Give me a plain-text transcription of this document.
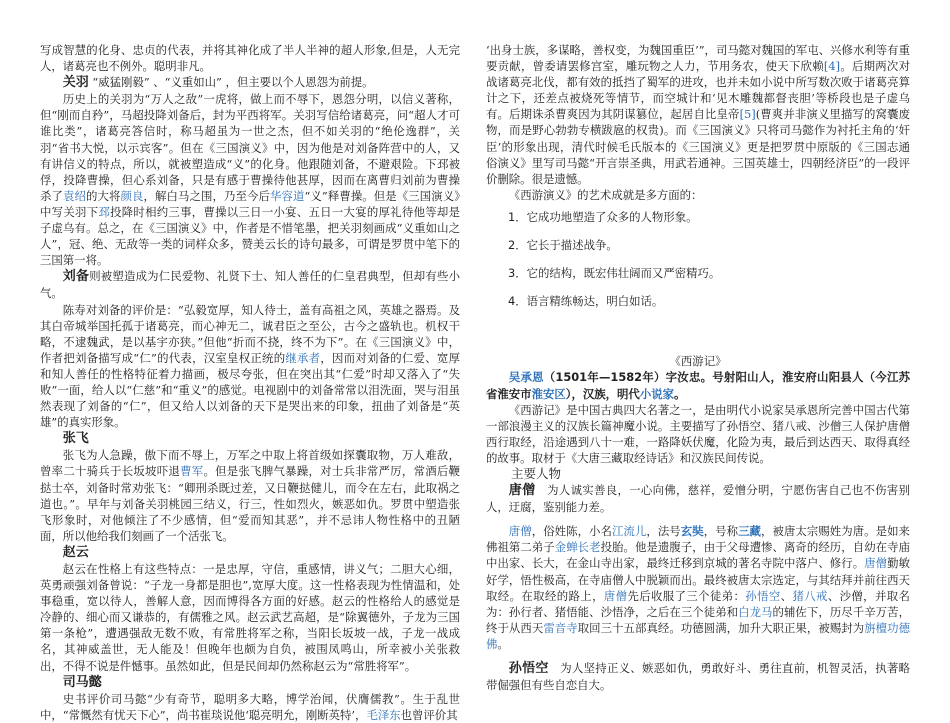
写成智慧的化身、忠贞的代表，并将其神化成了半人半神的超人形象,但是，人无完人，诸葛亮也不例外。聪明非凡。

关羽 “威猛刚毅” 、“义重如山” ，但主要以个人恩怨为前提。

历史上的关羽为“万人之敌”一虎将，做上而不辱下，恩怨分明，以信义著称，但“刚而自矜”，马超投降刘备后，封为平西将军。关羽写信给诸葛亮，问“超人才可谁比类”，诸葛亮答信时，称马超虽为一世之杰，但不如关羽的“绝伦逸群”，关羽“省书大悦，以示宾客”。但在《三国演义》中，因为他是对刘备阵营中的人，又有讲信义的特点，所以，就被塑造成“义”的化身。他跟随刘备，不避艰险。下邳被俘，投降曹操，但心系刘备，只是有感于曹操待他甚厚，因而在离曹归刘前为曹操杀了袁绍的大将颜良，解白马之围，乃至今后华容道“义”释曹操。但是《三国演义》中写关羽下邳投降时相约三事，曹操以三日一小宴、五日一大宴的厚礼待他等却是子虚乌有。总之，在《三国演义》中，作者是不惜笔墨，把关羽刻画成“义重如山之人”，冠、绝、无敌等一类的词样众多，赞美云长的诗句最多，可谓是罗贯中笔下的三国第一将。

刘备则被塑造成为仁民爱物、礼贤下士、知人善任的仁皇君典型，但却有些小气。

陈寿对刘备的评价是：“弘毅宽厚，知人待士，盖有高祖之风，英雄之器焉。及其白帝城举国托孤于诸葛亮，而心神无二，诚君臣之至公，古今之盛轨也。机权干略，不逮魏武，是以基宇亦狭。”但他“折而不挠，终不为下”。在《三国演义》中，作者把刘备描写成“仁”的代表，汉室皇权正统的继承者，因而对刘备的仁爱、宽厚和知人善任的性格特征着力描画，极尽夸张，但在突出其“仁爱”时却又落入了“失败”一面，给人以“仁慈”和“重义”的感觉。电视剧中的刘备常常以泪洗面，哭与泪虽然表现了刘备的“仁”，但又给人以刘备的天下是哭出来的印象，扭曲了刘备是“英雄”的真实形象。

张飞

张飞为人急躁，傲下而不辱上，万军之中取上将首级如探囊取物，万人难敌，曾率二十骑兵于长坂坡吓退曹军。但是张飞脾气暴躁，对士兵非常严厉，常酒后鞭挞士卒，刘备时常劝张飞：“卿刑杀既过差，又日鞭挞健儿，而令在左右，此取祸之道也。”。早年与刘备关羽桃园三结义，行三，性如烈火，嫉恶如仇。罗贯中塑造张飞形象时，对他倾注了不少感情，但“爱而知其恶”，并不忌讳人物性格中的丑陋面，所以他给我们刻画了一个活张飞。

赵云

赵云在性格上有这些特点：一是忠厚，守信，重感情，讲义气；二胆大心细，英勇顽强刘备曾说：“子龙一身都是胆也”,宽厚大度。这一性格表现为性情温和，处事稳重，宽以待人，善解人意，因而博得各方面的好感。赵云的性格给人的感觉是冷静的、细心而又谦恭的，有儒雅之风。赵云武艺高超，是“除翼德外，子龙为三国第一条枪”，遭遇强敌无数不败，有常胜将军之称，当阳长坂坡一战，子龙一战成名，其神威盖世，无人能及！但晚年也颇为自负，被围凤鸣山，所幸被小关张救出，不得不说是件憾事。虽然如此，但是民间却仍然称赵云为“常胜将军”。

司马懿

史书评价司马懿“少有奇节，聪明多大略，博学治闻，伏膺儒教”。生于乱世中，“常慨然有忧天下心”，尚书崔琰说他‘聪亮明允，刚断英特’，毛泽东也曾评价其

‘出身士族，多谋略，善权变，为魏国重臣’”，司马懿对魏国的军屯、兴修水利等有重要贡献，曾委请罢修宫室，雕玩物之人力，节用务农，使天下欣赖[4]。后期两次对战诸葛亮北伐，都有效的抵挡了蜀军的进攻，也并未如小说中所写数次败于诸葛亮算计之下，还差点被烧死等情节，而空城计和‘见木雕魏都督丧胆’等桥段也是子虚乌有。后期诛杀曹爽因为其阴谋篡位，起居自比皇帝[5](曹爽并非演义里描写的窝囊废物，而是野心勃勃专横跋扈的权贵)。而《三国演义》只将司马懿作为衬托主角的‘奸臣’的形象出现，清代时候毛氏版本的《三国演义》更是把罗贯中原版的《三国志通俗演义》里写司马懿“开言崇圣典，用武若通神。三国英雄士，四朝经济臣”的一段评价删除。很是遗憾。

《西游演义》的艺术成就是多方面的：

1．它成功地塑造了众多的人物形象。

2．它长于描述战争。

3．它的结构，既宏伟壮阔而又严密精巧。

4．语言精练畅达，明白如话。

《西游记》

吴承恩（1501年—1582年）字汝忠。号射阳山人，淮安府山阳县人（今江苏省淮安市淮安区），汉族，明代小说家。

《西游记》是中国古典四大名著之一，是由明代小说家吴承恩所完善中国古代第一部浪漫主义的汉族长篇神魔小说。主要描写了孙悟空、猪八戒、沙僧三人保护唐僧西行取经，沿途遇到八十一难，一路降妖伏魔，化险为夷，最后到达西天、取得真经的故事。取材于《大唐三藏取经诗话》和汉族民间传说。

主要人物

唐僧　为人诚实善良，一心向佛，慈祥，爱憎分明，宁愿伤害自己也不伤害别人，迂腐，鉴别能力差。

唐僧，俗姓陈，小名江流儿，法号玄奘，号称三藏，被唐太宗赐姓为唐。是如来佛祖第二弟子金蝉长老投胎。他是遗腹子，由于父母遭惨、离奇的经历，自幼在寺庙中出家、长大，在金山寺出家，最终迁移到京城的著名寺院中落户、修行。唐僧勤敏好学，悟性极高，在寺庙僧人中脱颖而出。最终被唐太宗选定，与其结拜并前往西天取经。在取经的路上，唐僧先后收服了三个徒弟：孙悟空、猪八戒、沙僧，并取名为：孙行者、猪悟能、沙悟净，之后在三个徒弟和白龙马的辅佐下，历尽千辛万苦，终于从西天雷音寺取回三十五部真经。功德圆满，加升大职正果，被赐封为旃檀功德佛。

孙悟空　为人坚持正义、嫉恶如仇，勇敢好斗、勇往直前，机智灵活，执著略带倔强但有些自恋自大。
